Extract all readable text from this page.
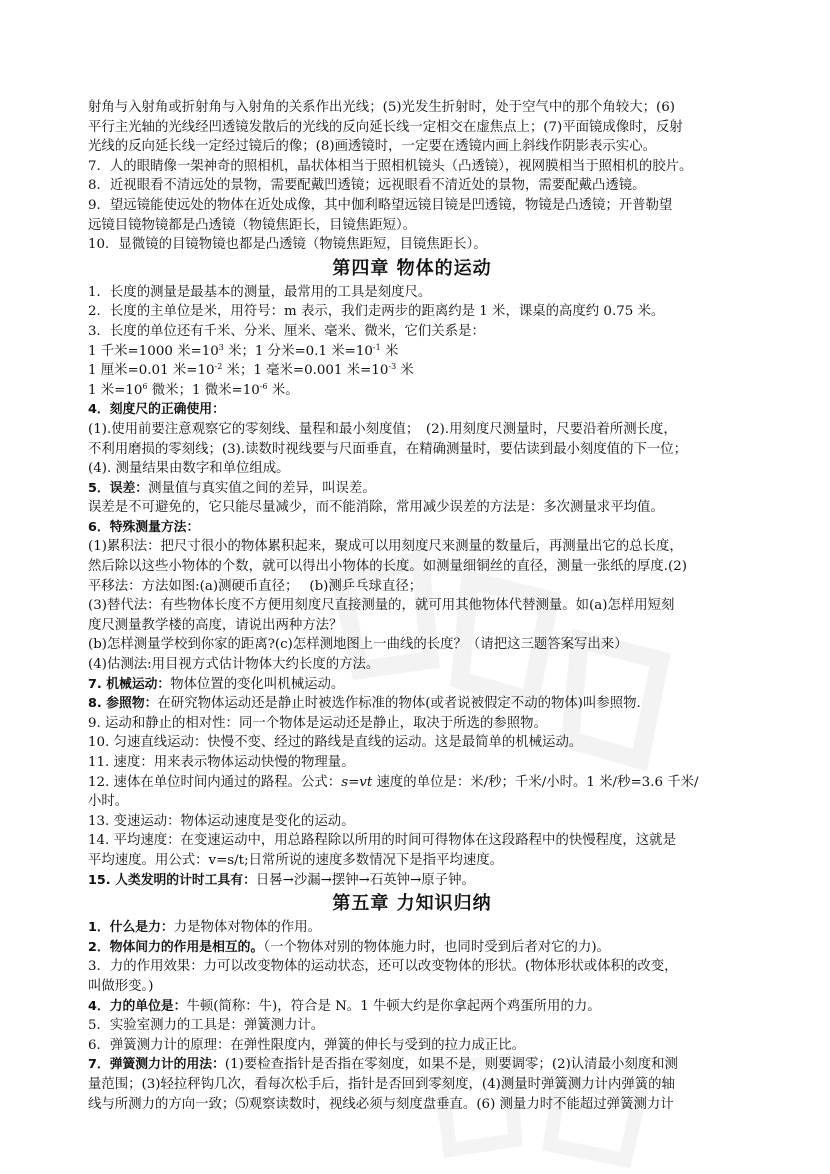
射角与入射角或折射角与入射角的关系作出光线；(5)光发生折射时，处于空气中的那个角较大；(6)
平行主光轴的光线经凹透镜发散后的光线的反向延长线一定相交在虚焦点上；(7)平面镜成像时，反射
光线的反向延长线一定经过镜后的像；(8)画透镜时，一定要在透镜内画上斜线作阴影表示实心。
7．人的眼睛像一架神奇的照相机，晶状体相当于照相机镜头（凸透镜），视网膜相当于照相机的胶片。
8．近视眼看不清远处的景物，需要配戴凹透镜；远视眼看不清近处的景物，需要配戴凸透镜。
9．望远镜能使远处的物体在近处成像，其中伽利略望远镜目镜是凹透镜，物镜是凸透镜；开普勒望
远镜目镜物镜都是凸透镜（物镜焦距长，目镜焦距短）。
10．显微镜的目镜物镜也都是凸透镜（物镜焦距短，目镜焦距长）。
第四章 物体的运动
1．长度的测量是最基本的测量，最常用的工具是刻度尺。
2．长度的主单位是米，用符号：m 表示，我们走两步的距离约是 1 米，课桌的高度约 0.75 米。
3．长度的单位还有千米、分米、厘米、毫米、微米，它们关系是：
1 千米=1000 米$=10^3$ 米；1 分米=0.1 米$=10^{-1}$ 米
1 厘米=0.01 米$=10^{-2}$ 米；1 毫米=0.001 米$=10^{-3}$ 米
1 米$=10^6$ 微米；1 微米$=10^{-6}$ 米。
4．刻度尺的正确使用：
(1).使用前要注意观察它的零刻线、量程和最小刻度值；　(2).用刻度尺测量时，尺要沿着所测长度，
不利用磨损的零刻线；(3).读数时视线要与尺面垂直，在精确测量时，要估读到最小刻度值的下一位；
(4). 测量结果由数字和单位组成。
5．误差：测量值与真实值之间的差异，叫误差。
误差是不可避免的，它只能尽量减少，而不能消除，常用减少误差的方法是：多次测量求平均值。
6．特殊测量方法：
(1)累积法：把尺寸很小的物体累积起来，聚成可以用刻度尺来测量的数量后，再测量出它的总长度，
然后除以这些小物体的个数，就可以得出小物体的长度。如测量细铜丝的直径，测量一张纸的厚度.(2)
平移法：方法如图:(a)测硬币直径；　 (b)测乒乓球直径；
(3)替代法：有些物体长度不方便用刻度尺直接测量的，就可用其他物体代替测量。如(a)怎样用短刻
度尺测量教学楼的高度，请说出两种方法？
(b)怎样测量学校到你家的距离?(c)怎样测地图上一曲线的长度？（请把这三题答案写出来）
(4)估测法:用目视方式估计物体大约长度的方法。
7. 机械运动：物体位置的变化叫机械运动。
8. 参照物：在研究物体运动还是静止时被选作标准的物体(或者说被假定不动的物体)叫参照物.
9. 运动和静止的相对性：同一个物体是运动还是静止，取决于所选的参照物。
10. 匀速直线运动：快慢不变、经过的路线是直线的运动。这是最简单的机械运动。
11. 速度：用来表示物体运动快慢的物理量。
12. 速体在单位时间内通过的路程。公式：s=vt 速度的单位是：米/秒；千米/小时。1 米/秒=3.6 千米/
小时。
13. 变速运动：物体运动速度是变化的运动。
14. 平均速度：在变速运动中，用总路程除以所用的时间可得物体在这段路程中的快慢程度，这就是
平均速度。用公式：v=s/t;日常所说的速度多数情况下是指平均速度。
15. 人类发明的计时工具有：日晷→沙漏→摆钟→石英钟→原子钟。
第五章 力知识归纳
1．什么是力：力是物体对物体的作用。
2．物体间力的作用是相互的。（一个物体对别的物体施力时，也同时受到后者对它的力)。
3．力的作用效果：力可以改变物体的运动状态，还可以改变物体的形状。(物体形状或体积的改变，
叫做形变。)
4．力的单位是：牛顿(简称：牛)，符合是 N。1 牛顿大约是你拿起两个鸡蛋所用的力。
5．实验室测力的工具是：弹簧测力计。
6．弹簧测力计的原理：在弹性限度内，弹簧的伸长与受到的拉力成正比。
7．弹簧测力计的用法：(1)要检查指针是否指在零刻度，如果不是，则要调零；(2)认清最小刻度和测
量范围；(3)轻拉秤钩几次，看每次松手后，指针是否回到零刻度，(4)测量时弹簧测力计内弹簧的轴
线与所测力的方向一致；⑸观察读数时，视线必须与刻度盘垂直。(6) 测量力时不能超过弹簧测力计
